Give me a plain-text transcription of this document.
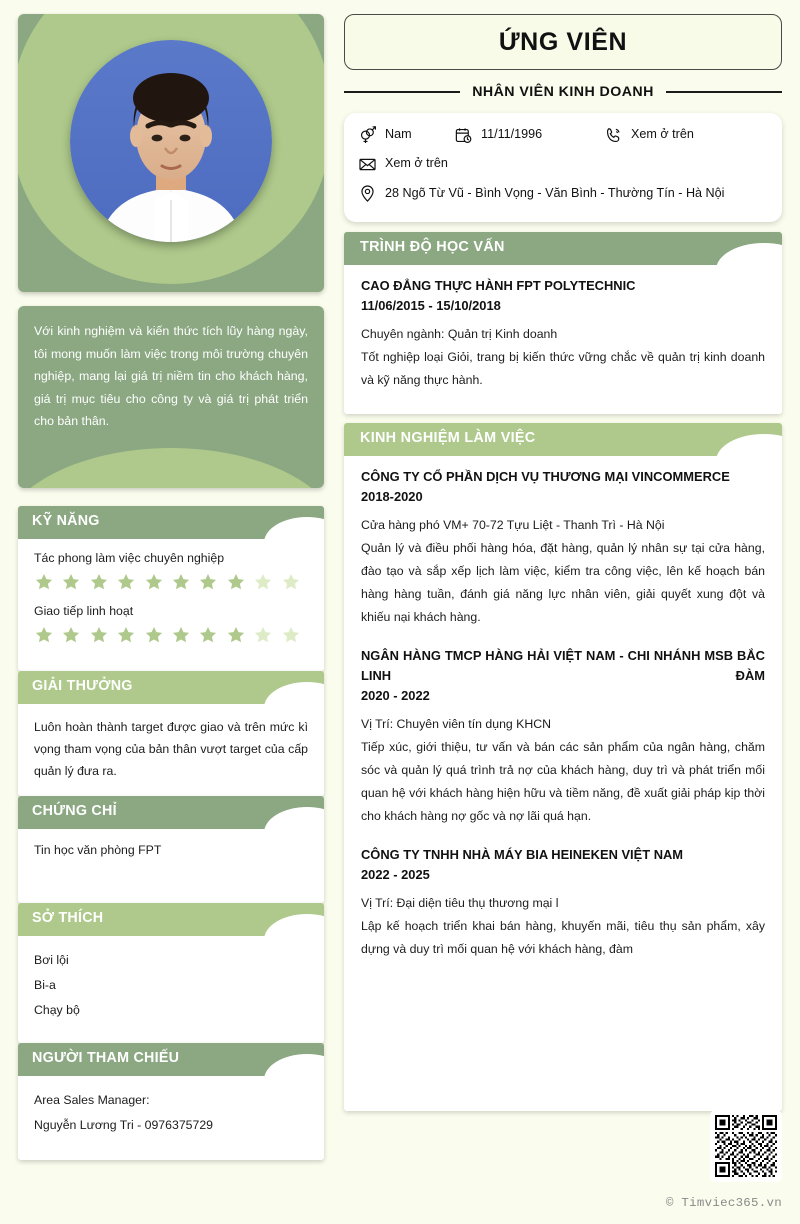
Với kinh nghiệm và kiến thức tích lũy hàng ngày, tôi mong muốn làm việc trong môi trường chuyên nghiệp, mang lại giá trị niềm tin cho khách hàng, giá trị mục tiêu cho công ty và giá trị phát triển cho bản thân.
KỸ NĂNG
Tác phong làm việc chuyên nghiệp
Giao tiếp linh hoạt
GIẢI THƯỞNG
Luôn hoàn thành target được giao và trên mức kì vọng tham vọng của bản thân vượt target của cấp quản lý đưa ra.
CHỨNG CHỈ
Tin học văn phòng FPT
SỞ THÍCH
Bơi lội
Bi-a
Chạy bộ
NGƯỜI THAM CHIẾU
Area Sales Manager:
Nguyễn Lương Tri - 0976375729
ỨNG VIÊN
NHÂN VIÊN KINH DOANH
Nam	11/11/1996	Xem ở trên
Xem ở trên
28 Ngõ Từ Vũ - Bình Vọng - Văn Bình - Thường Tín - Hà Nội
TRÌNH ĐỘ HỌC VẤN
CAO ĐẲNG THỰC HÀNH FPT POLYTECHNIC
11/06/2015 - 15/10/2018
Chuyên ngành: Quản trị Kinh doanh
Tốt nghiệp loại Giỏi, trang bị kiến thức vững chắc về quản trị kinh doanh và kỹ năng thực hành.
KINH NGHIỆM LÀM VIỆC
CÔNG TY CỔ PHẦN DỊCH VỤ THƯƠNG MẠI VINCOMMERCE
2018-2020
Cửa hàng phó VM+ 70-72 Tựu Liệt - Thanh Trì - Hà Nội
Quản lý và điều phối hàng hóa, đặt hàng, quản lý nhân sự tại cửa hàng, đào tạo và sắp xếp lịch làm việc, kiểm tra công việc, lên kế hoạch bán hàng hàng tuần, đánh giá năng lực nhân viên, giải quyết xung đột và khiếu nại khách hàng.
NGÂN HÀNG TMCP HÀNG HẢI VIỆT NAM - CHI NHÁNH MSB BẮC LINH ĐÀM
2020 - 2022
Vị Trí: Chuyên viên tín dụng KHCN
Tiếp xúc, giới thiệu, tư vấn và bán các sản phẩm của ngân hàng, chăm sóc và quản lý quá trình trả nợ của khách hàng, duy trì và phát triển mối quan hệ với khách hàng hiện hữu và tiềm năng, đề xuất giải pháp kịp thời cho khách hàng nợ gốc và nợ lãi quá hạn.
CÔNG TY TNHH NHÀ MÁY BIA HEINEKEN VIỆT NAM
2022 - 2025
Vị Trí: Đại diện tiêu thụ thương mại l
Lập kế hoạch triển khai bán hàng, khuyến mãi, tiêu thụ sản phẩm, xây dựng và duy trì mối quan hệ với khách hàng, đàm
© Timviec365.vn
